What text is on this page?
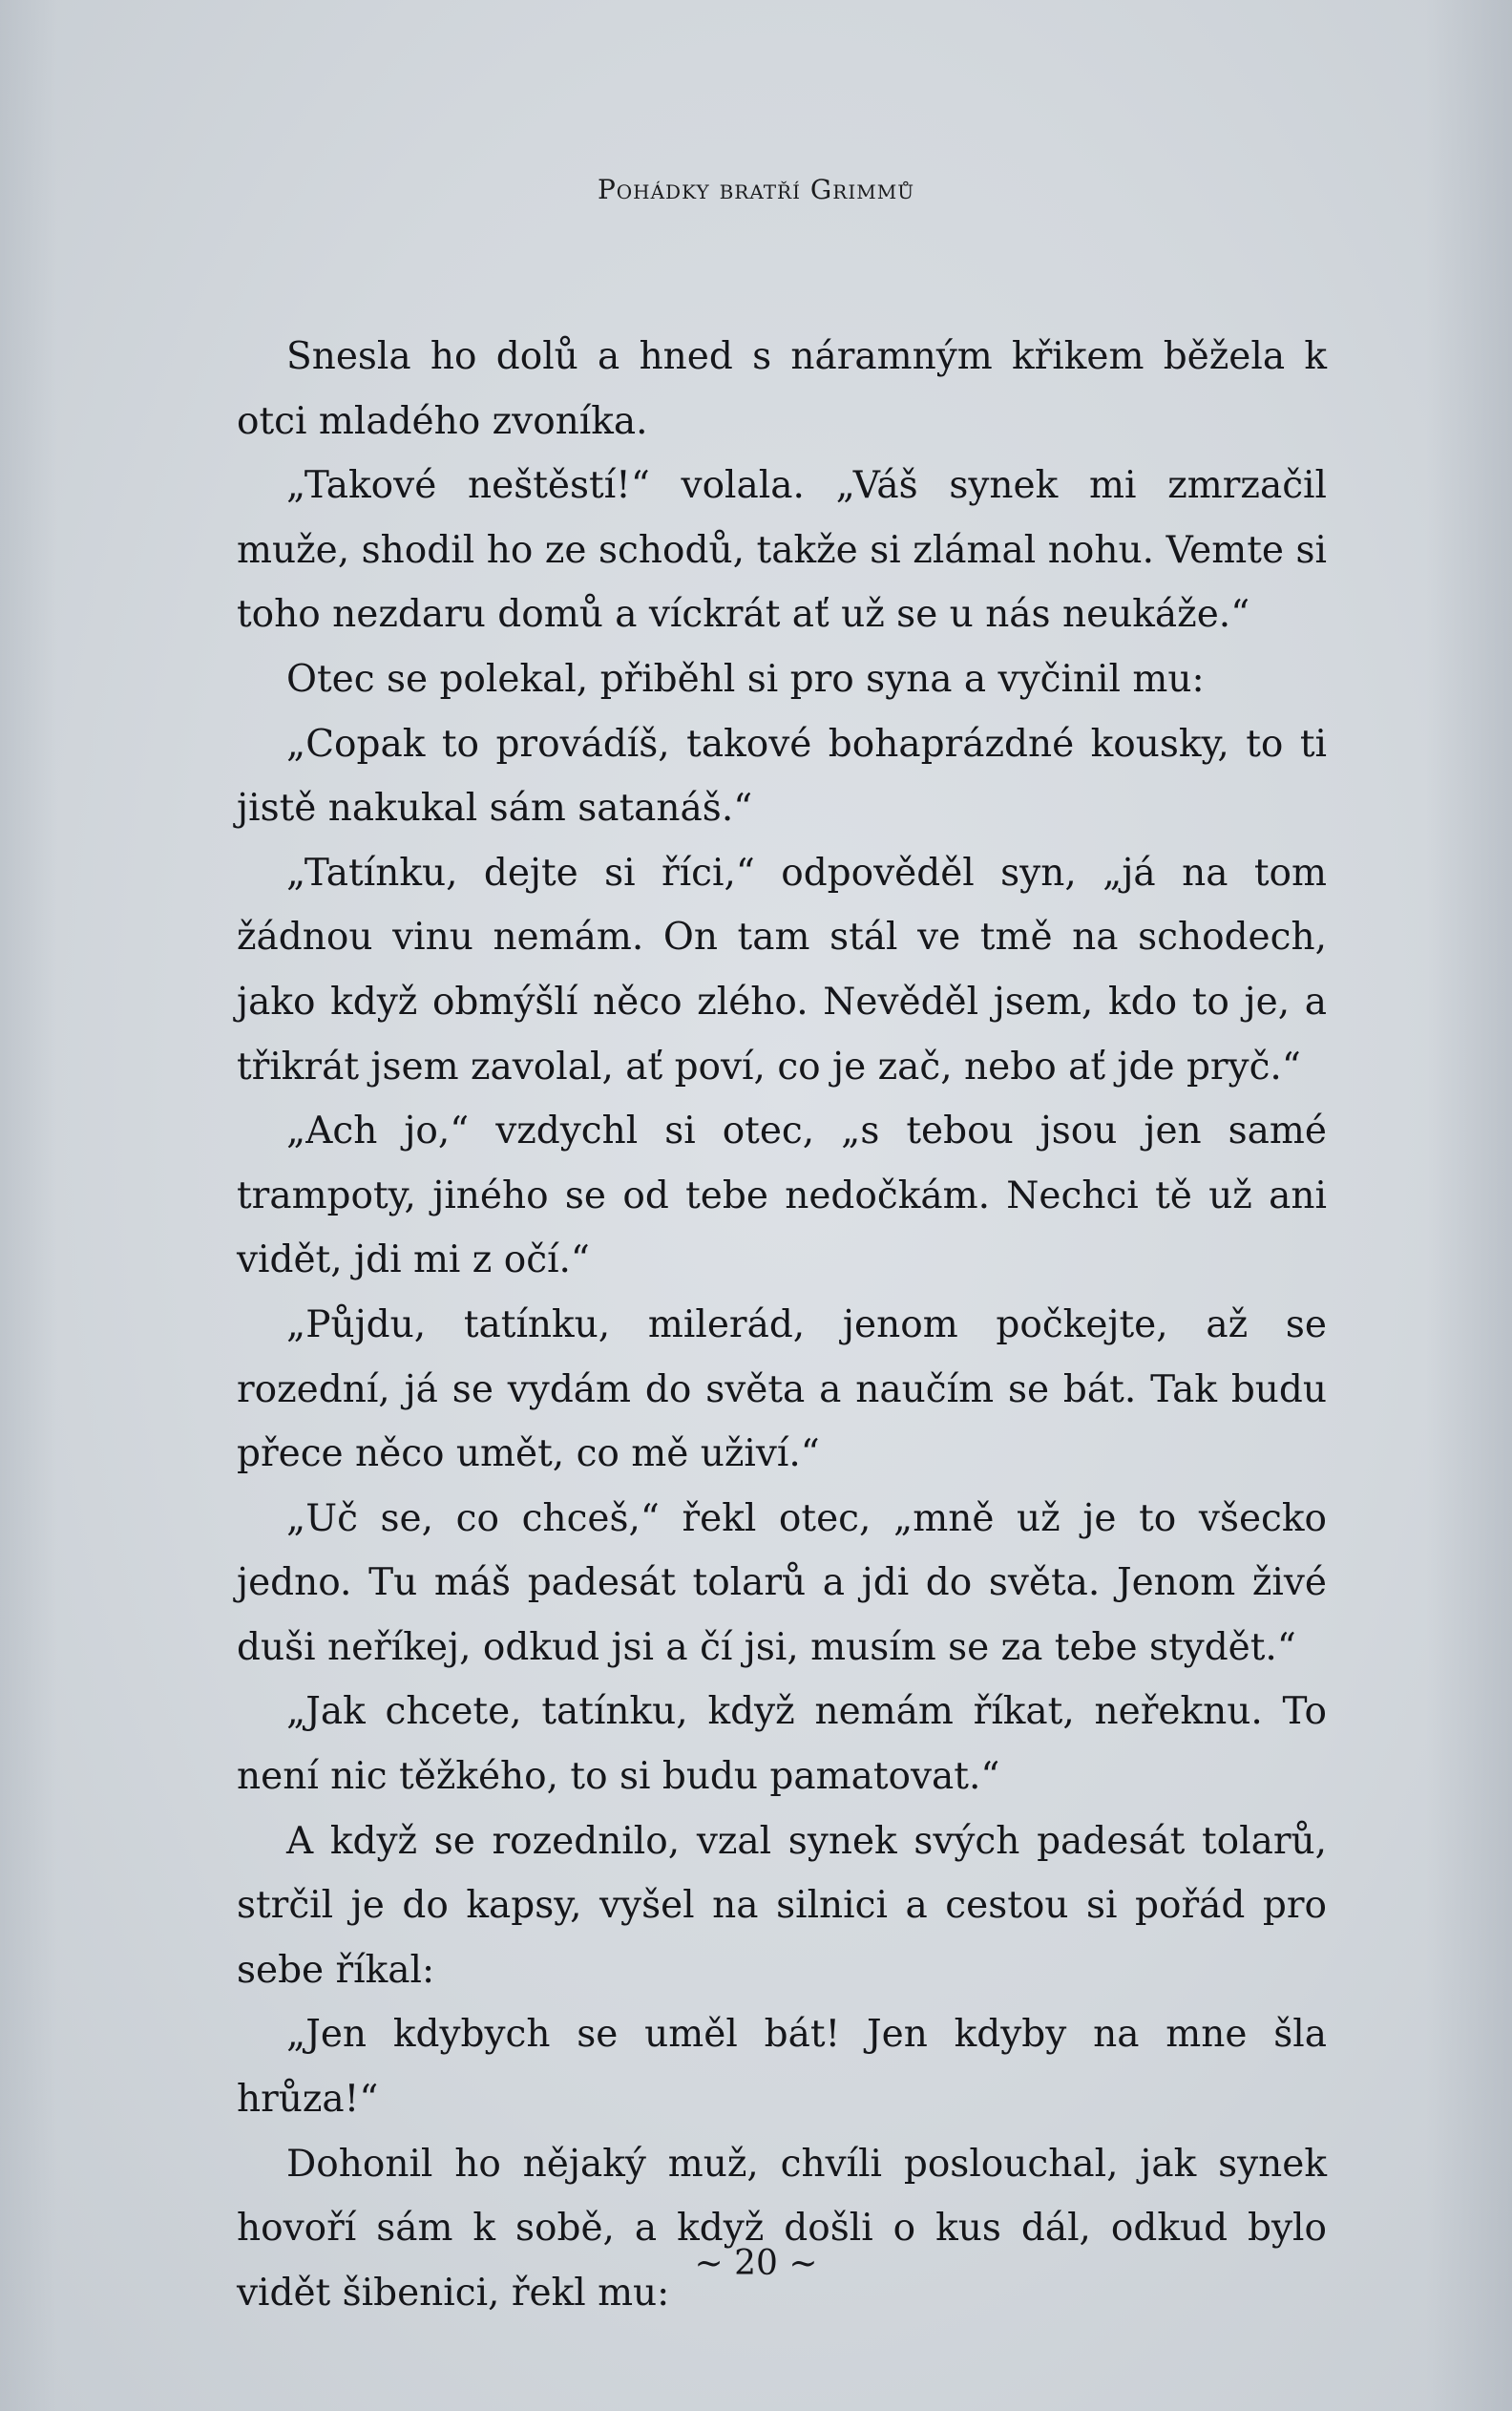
Pohádky bratří Grimmů

Snesla ho dolů a hned s náramným křikem běžela k otci mladého zvoníka.

„Takové neštěstí!“ volala. „Váš synek mi zmrzačil muže, shodil ho ze schodů, takže si zlámal nohu. Vemte si toho nezdaru domů a víckrát ať už se u nás neukáže.“

Otec se polekal, přiběhl si pro syna a vyčinil mu:

„Copak to provádíš, takové bohaprázdné kousky, to ti jistě nakukal sám satanáš.“

„Tatínku, dejte si říci,“ odpověděl syn, „já na tom žádnou vinu nemám. On tam stál ve tmě na schodech, jako když obmýšlí něco zlého. Nevěděl jsem, kdo to je, a třikrát jsem zavolal, ať poví, co je zač, nebo ať jde pryč.“

„Ach jo,“ vzdychl si otec, „s tebou jsou jen samé trampoty, jiného se od tebe nedočkám. Nechci tě už ani vidět, jdi mi z očí.“

„Půjdu, tatínku, milerád, jenom počkejte, až se rozední, já se vydám do světa a naučím se bát. Tak budu přece něco umět, co mě uživí.“

„Uč se, co chceš,“ řekl otec, „mně už je to všecko jedno. Tu máš padesát tolarů a jdi do světa. Jenom živé duši neříkej, odkud jsi a čí jsi, musím se za tebe stydět.“

„Jak chcete, tatínku, když nemám říkat, neřeknu. To není nic těžkého, to si budu pamatovat.“

A když se rozednilo, vzal synek svých padesát tolarů, strčil je do kapsy, vyšel na silnici a cestou si pořád pro sebe říkal:

„Jen kdybych se uměl bát! Jen kdyby na mne šla hrůza!“

Dohonil ho nějaký muž, chvíli poslouchal, jak synek hovoří sám k sobě, a když došli o kus dál, odkud bylo vidět šibenici, řekl mu:

~ 20 ~
